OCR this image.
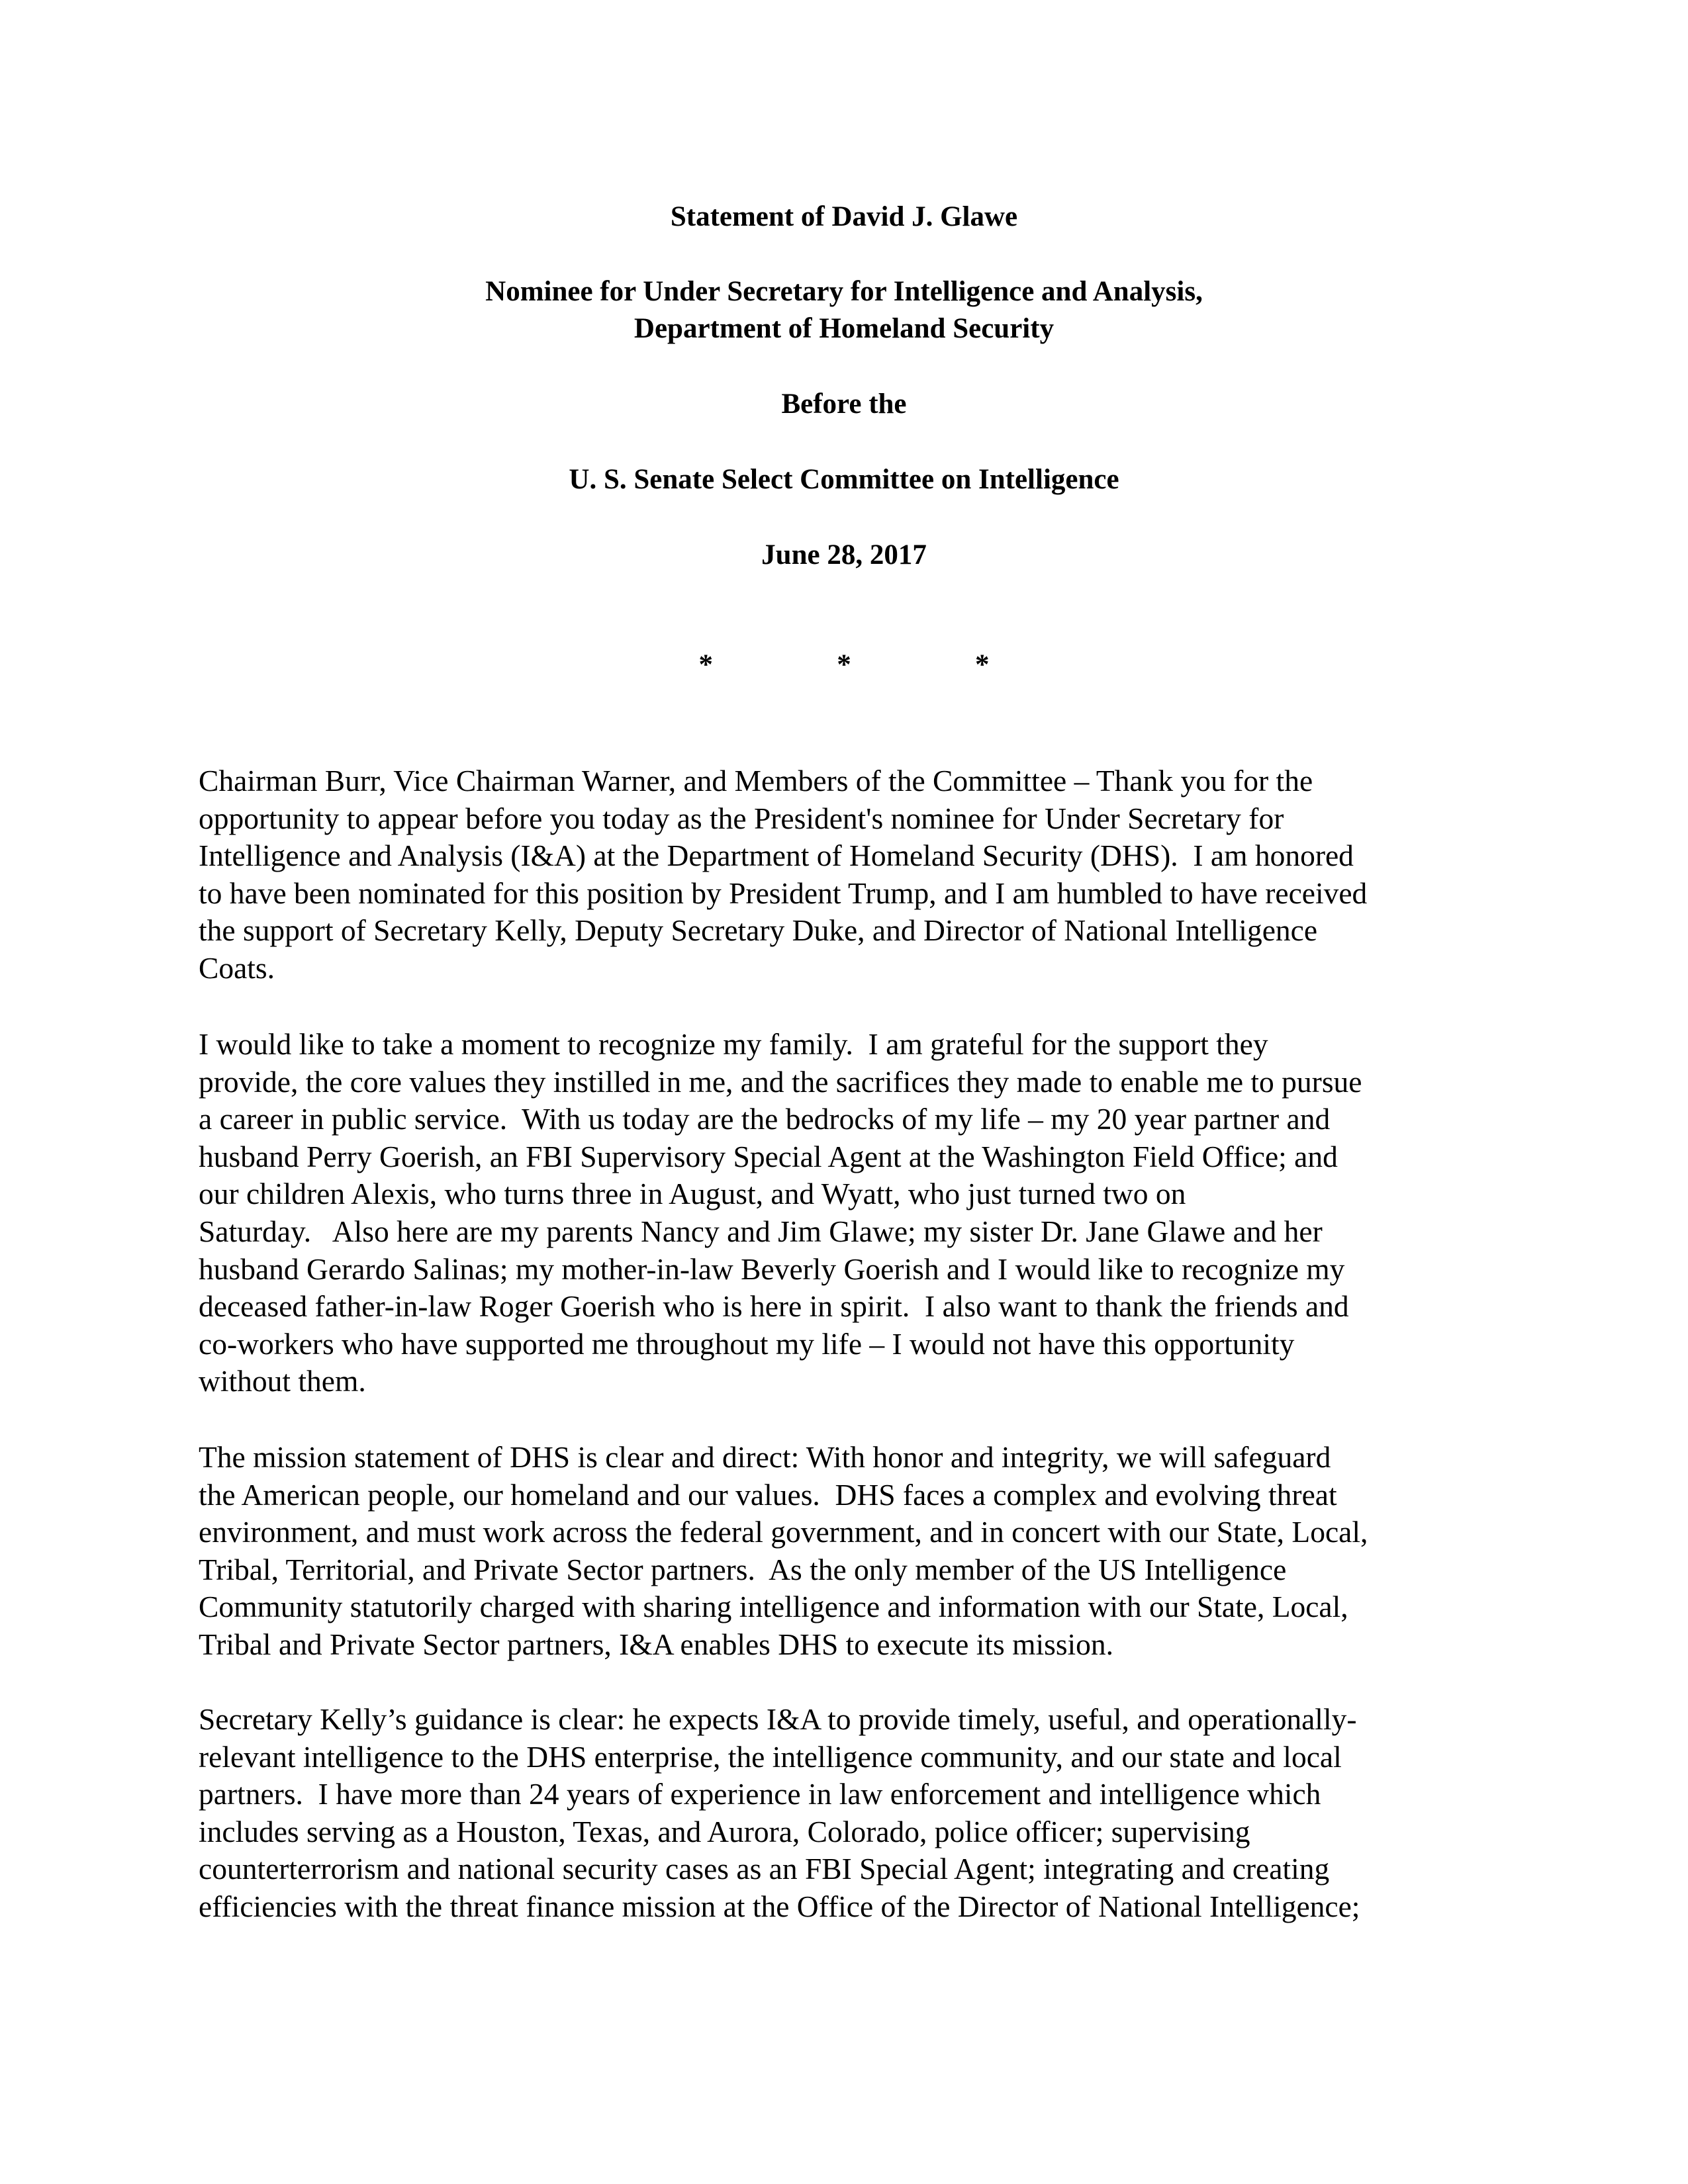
Statement of David J. Glawe
Nominee for Under Secretary for Intelligence and Analysis,
Department of Homeland Security
Before the
U. S. Senate Select Committee on Intelligence
June 28, 2017
*	*	*
Chairman Burr, Vice Chairman Warner, and Members of the Committee – Thank you for the
opportunity to appear before you today as the President's nominee for Under Secretary for
Intelligence and Analysis (I&A) at the Department of Homeland Security (DHS).  I am honored
to have been nominated for this position by President Trump, and I am humbled to have received
the support of Secretary Kelly, Deputy Secretary Duke, and Director of National Intelligence
Coats.
I would like to take a moment to recognize my family.  I am grateful for the support they
provide, the core values they instilled in me, and the sacrifices they made to enable me to pursue
a career in public service.  With us today are the bedrocks of my life – my 20 year partner and
husband Perry Goerish, an FBI Supervisory Special Agent at the Washington Field Office; and
our children Alexis, who turns three in August, and Wyatt, who just turned two on
Saturday.   Also here are my parents Nancy and Jim Glawe; my sister Dr. Jane Glawe and her
husband Gerardo Salinas; my mother-in-law Beverly Goerish and I would like to recognize my
deceased father-in-law Roger Goerish who is here in spirit.  I also want to thank the friends and
co-workers who have supported me throughout my life – I would not have this opportunity
without them.
The mission statement of DHS is clear and direct: With honor and integrity, we will safeguard
the American people, our homeland and our values.  DHS faces a complex and evolving threat
environment, and must work across the federal government, and in concert with our State, Local,
Tribal, Territorial, and Private Sector partners.  As the only member of the US Intelligence
Community statutorily charged with sharing intelligence and information with our State, Local,
Tribal and Private Sector partners, I&A enables DHS to execute its mission.
Secretary Kelly’s guidance is clear: he expects I&A to provide timely, useful, and operationally-
relevant intelligence to the DHS enterprise, the intelligence community, and our state and local
partners.  I have more than 24 years of experience in law enforcement and intelligence which
includes serving as a Houston, Texas, and Aurora, Colorado, police officer; supervising
counterterrorism and national security cases as an FBI Special Agent; integrating and creating
efficiencies with the threat finance mission at the Office of the Director of National Intelligence;
